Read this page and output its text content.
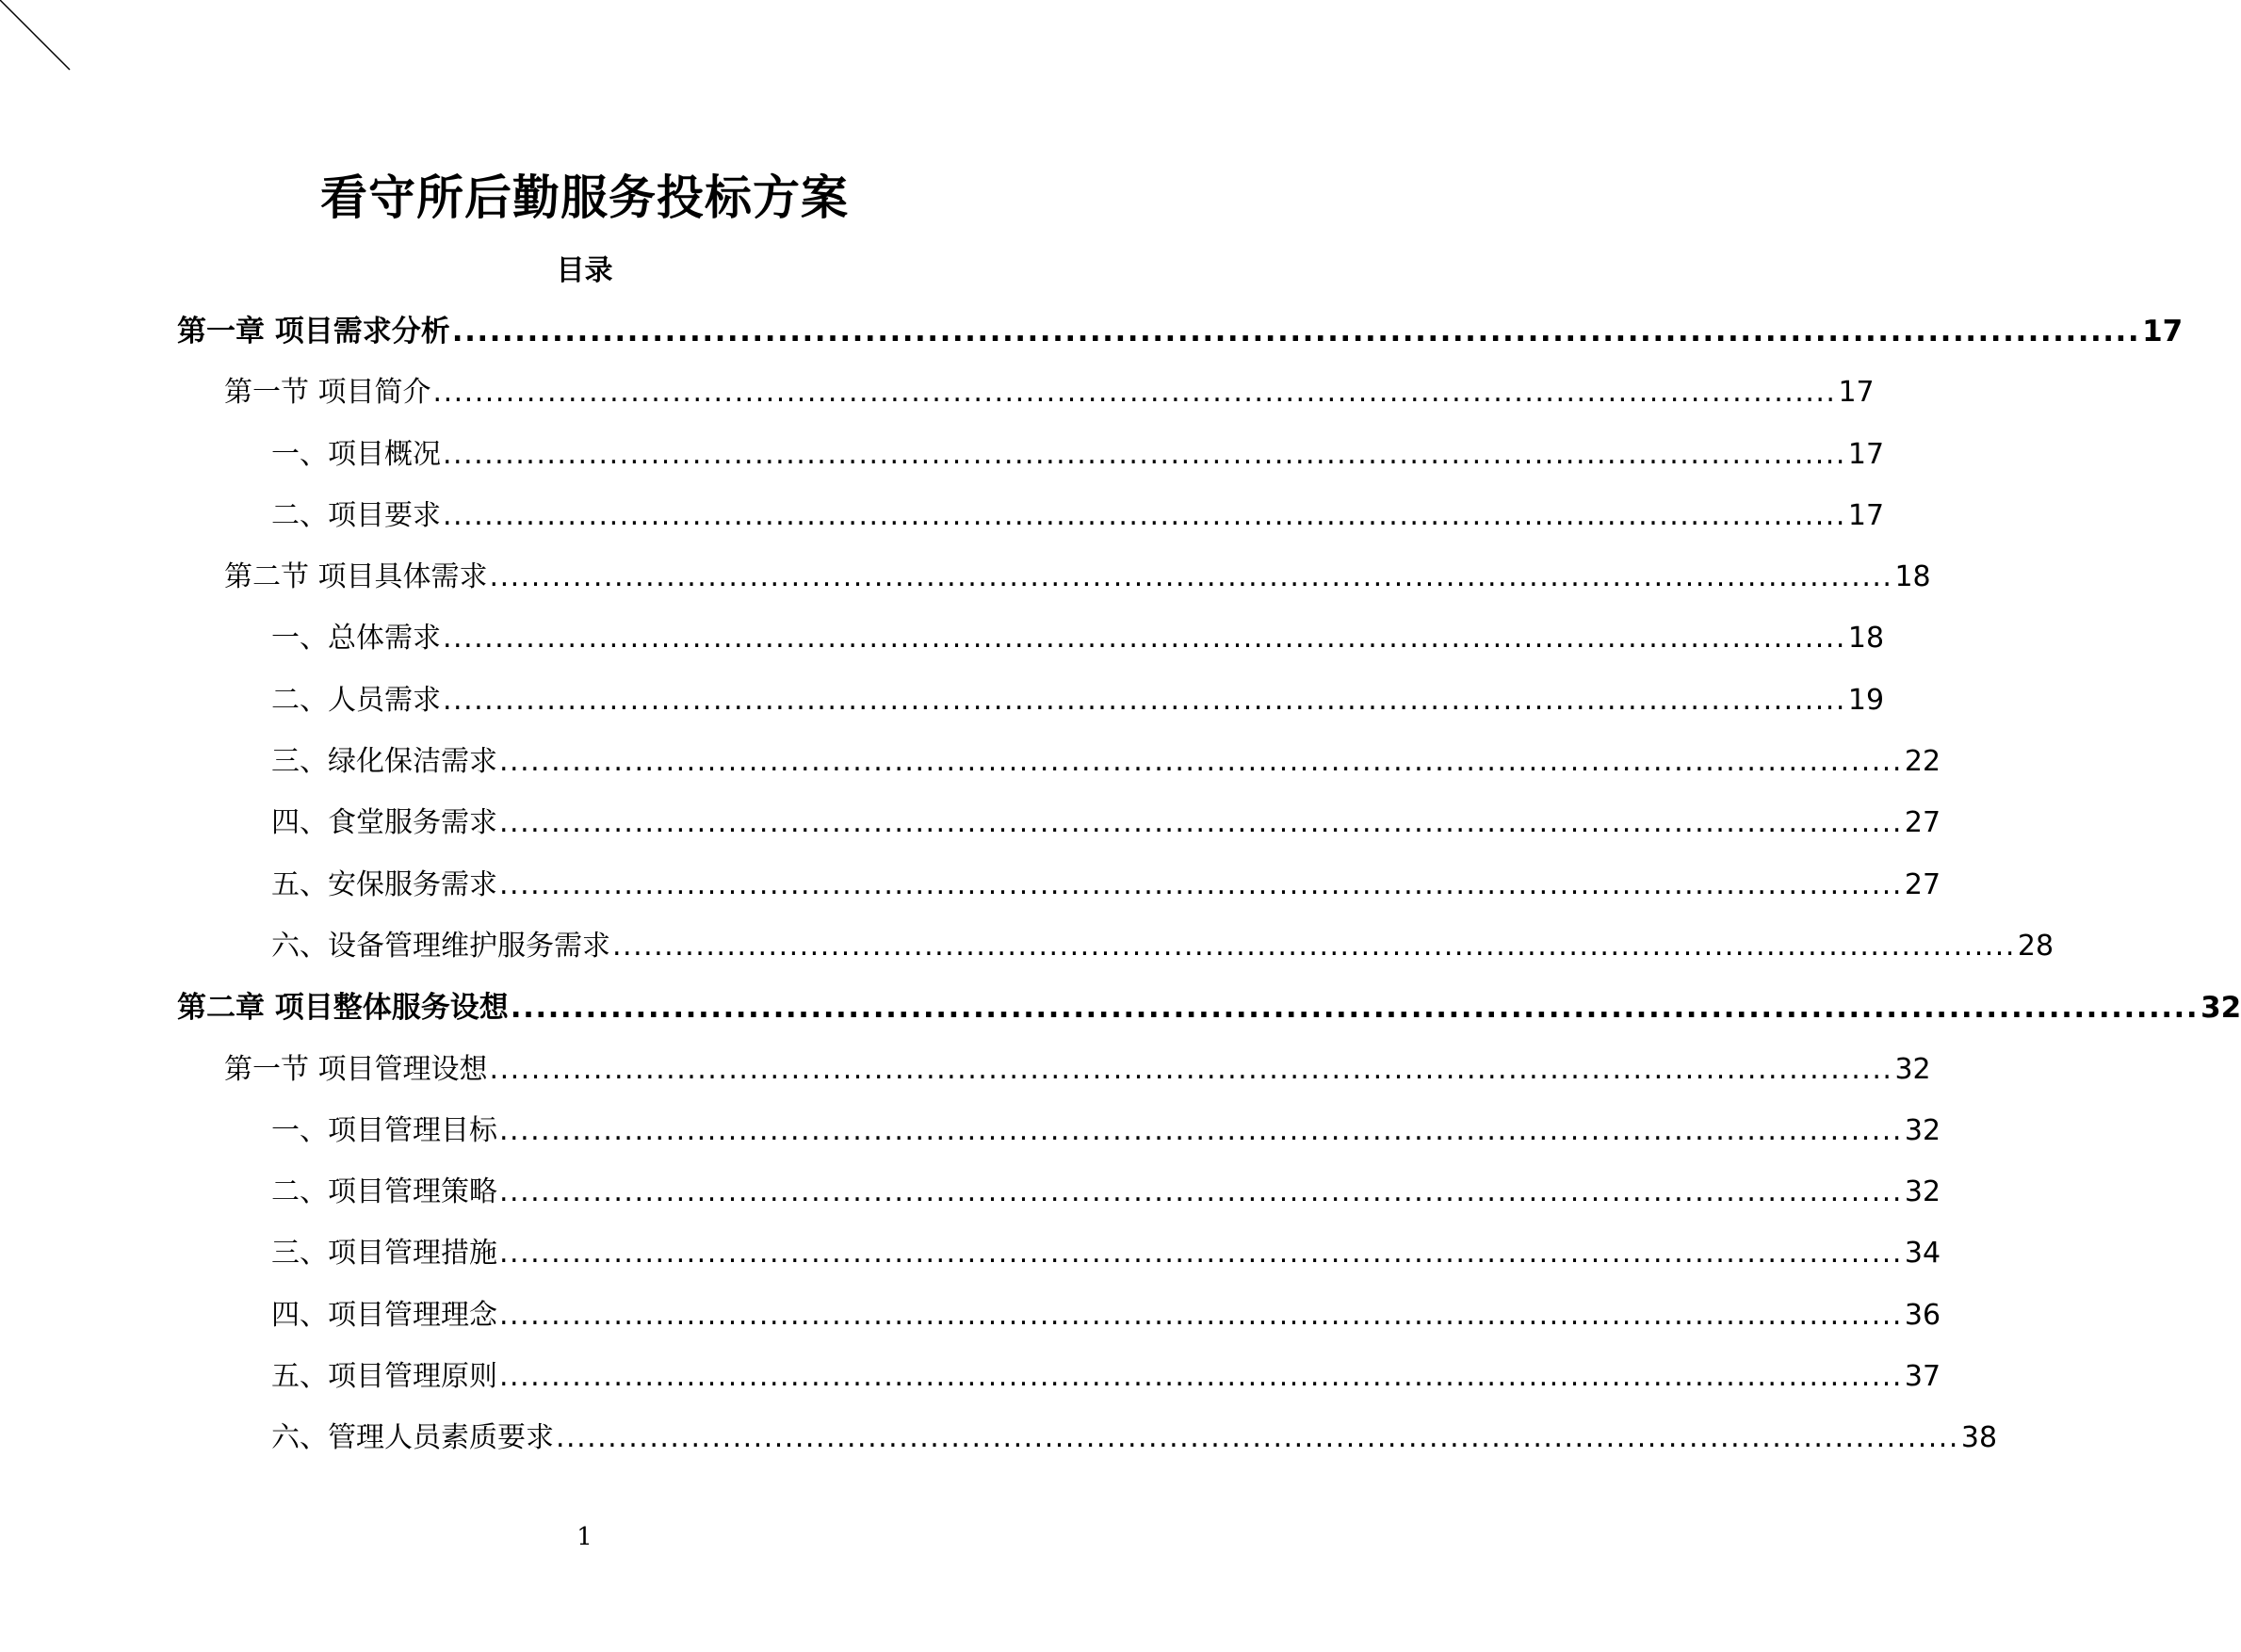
看守所后勤服务投标方案
目录
第一章 项目需求分析 ....................................................................................................................................... 17
第一节 项目简介 ....................................................................................................................................... 17
一、项目概况 ....................................................................................................................................... 17
二、项目要求 ....................................................................................................................................... 17
第二节 项目具体需求 ....................................................................................................................................... 18
一、总体需求 ....................................................................................................................................... 18
二、人员需求 ....................................................................................................................................... 19
三、绿化保洁需求 ....................................................................................................................................... 22
四、食堂服务需求 ....................................................................................................................................... 27
五、安保服务需求 ....................................................................................................................................... 27
六、设备管理维护服务需求 ....................................................................................................................................... 28
第二章 项目整体服务设想 ....................................................................................................................................... 32
第一节 项目管理设想 ....................................................................................................................................... 32
一、项目管理目标 ....................................................................................................................................... 32
二、项目管理策略 ....................................................................................................................................... 32
三、项目管理措施 ....................................................................................................................................... 34
四、项目管理理念 ....................................................................................................................................... 36
五、项目管理原则 ....................................................................................................................................... 37
六、管理人员素质要求 ....................................................................................................................................... 38
1
